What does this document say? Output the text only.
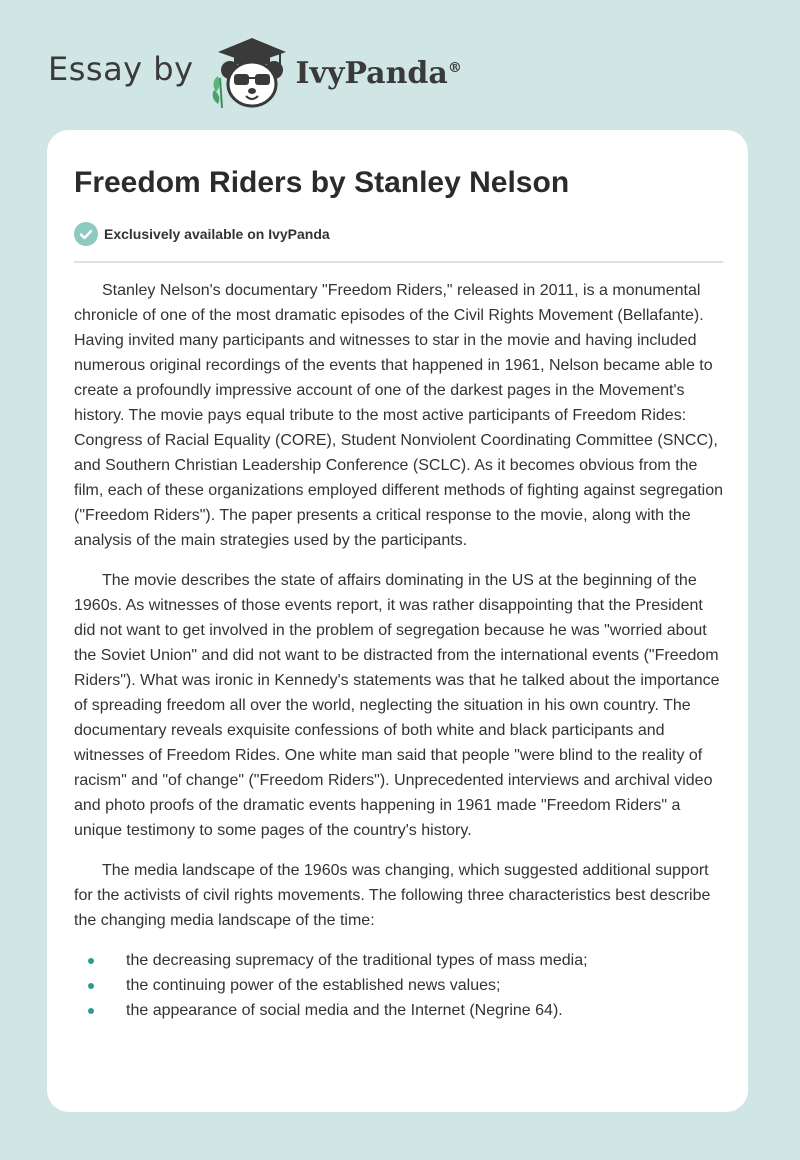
Essay by	IvyPanda®
Freedom Riders by Stanley Nelson
Exclusively available on IvyPanda

Stanley Nelson's documentary "Freedom Riders," released in 2011, is a monumental chronicle of one of the most dramatic episodes of the Civil Rights Movement (Bellafante). Having invited many participants and witnesses to star in the movie and having included numerous original recordings of the events that happened in 1961, Nelson became able to create a profoundly impressive account of one of the darkest pages in the Movement's history. The movie pays equal tribute to the most active participants of Freedom Rides: Congress of Racial Equality (CORE), Student Nonviolent Coordinating Committee (SNCC), and Southern Christian Leadership Conference (SCLC). As it becomes obvious from the film, each of these organizations employed different methods of fighting against segregation ("Freedom Riders"). The paper presents a critical response to the movie, along with the analysis of the main strategies used by the participants.

The movie describes the state of affairs dominating in the US at the beginning of the 1960s. As witnesses of those events report, it was rather disappointing that the President did not want to get involved in the problem of segregation because he was "worried about the Soviet Union" and did not want to be distracted from the international events ("Freedom Riders"). What was ironic in Kennedy's statements was that he talked about the importance of spreading freedom all over the world, neglecting the situation in his own country. The documentary reveals exquisite confessions of both white and black participants and witnesses of Freedom Rides. One white man said that people "were blind to the reality of racism" and "of change" ("Freedom Riders"). Unprecedented interviews and archival video and photo proofs of the dramatic events happening in 1961 made "Freedom Riders" a unique testimony to some pages of the country's history.

The media landscape of the 1960s was changing, which suggested additional support for the activists of civil rights movements. The following three characteristics best describe the changing media landscape of the time:

the decreasing supremacy of the traditional types of mass media;
the continuing power of the established news values;
the appearance of social media and the Internet (Negrine 64).
